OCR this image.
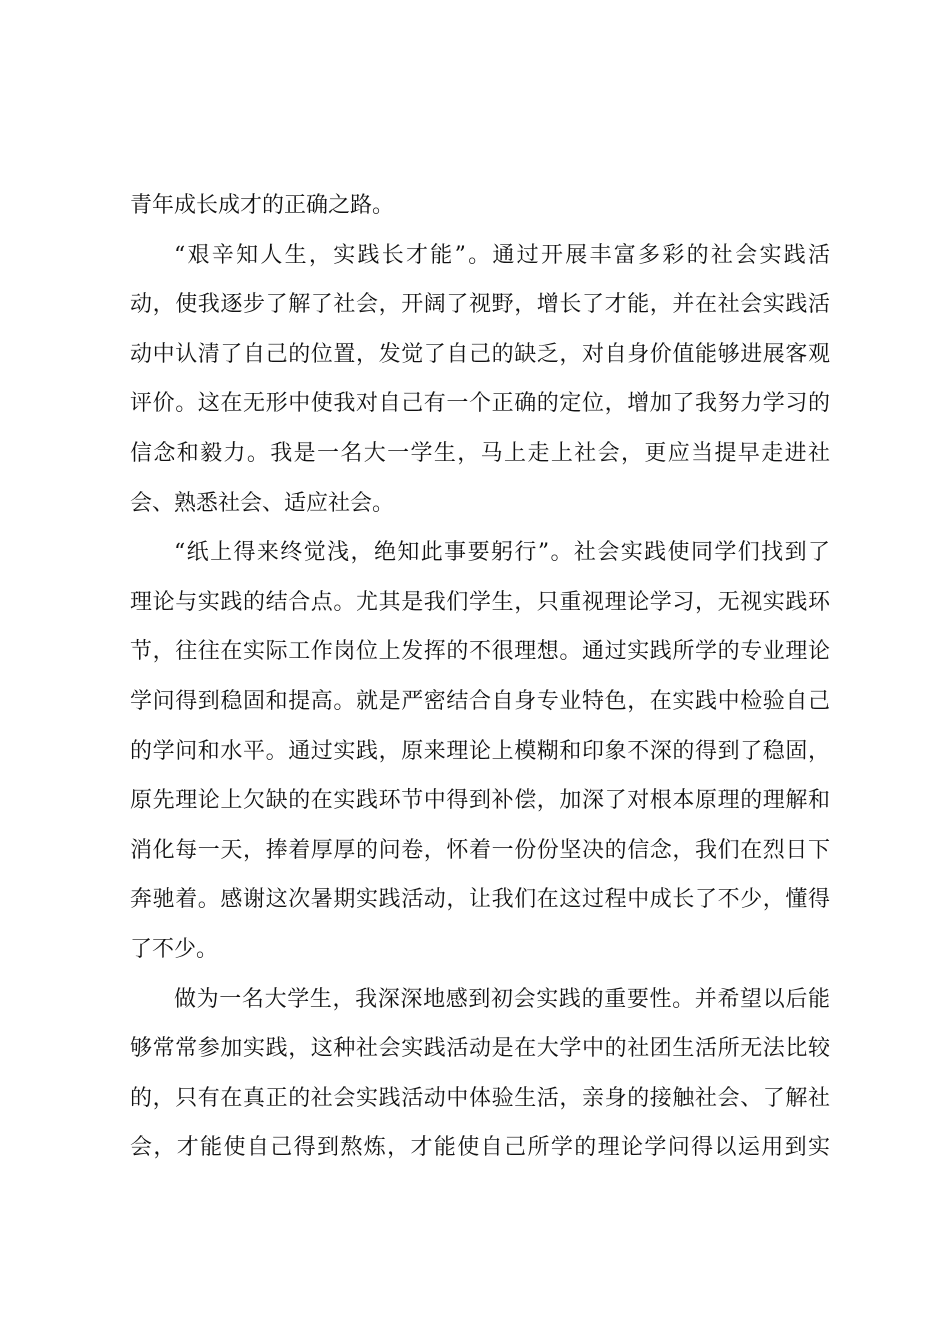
青年成长成才的正确之路。
“艰辛知人生，实践长才能”。通过开展丰富多彩的社会实践活
动，使我逐步了解了社会，开阔了视野，增长了才能，并在社会实践活
动中认清了自己的位置，发觉了自己的缺乏，对自身价值能够进展客观
评价。这在无形中使我对自己有一个正确的定位，增加了我努力学习的
信念和毅力。我是一名大一学生，马上走上社会，更应当提早走进社
会、熟悉社会、适应社会。
“纸上得来终觉浅，绝知此事要躬行”。社会实践使同学们找到了
理论与实践的结合点。尤其是我们学生，只重视理论学习，无视实践环
节，往往在实际工作岗位上发挥的不很理想。通过实践所学的专业理论
学问得到稳固和提高。就是严密结合自身专业特色，在实践中检验自己
的学问和水平。通过实践，原来理论上模糊和印象不深的得到了稳固，
原先理论上欠缺的在实践环节中得到补偿，加深了对根本原理的理解和
消化每一天，捧着厚厚的问卷，怀着一份份坚决的信念，我们在烈日下
奔驰着。感谢这次暑期实践活动，让我们在这过程中成长了不少，懂得
了不少。
做为一名大学生，我深深地感到初会实践的重要性。并希望以后能
够常常参加实践，这种社会实践活动是在大学中的社团生活所无法比较
的，只有在真正的社会实践活动中体验生活，亲身的接触社会、了解社
会，才能使自己得到熬炼，才能使自己所学的理论学问得以运用到实
